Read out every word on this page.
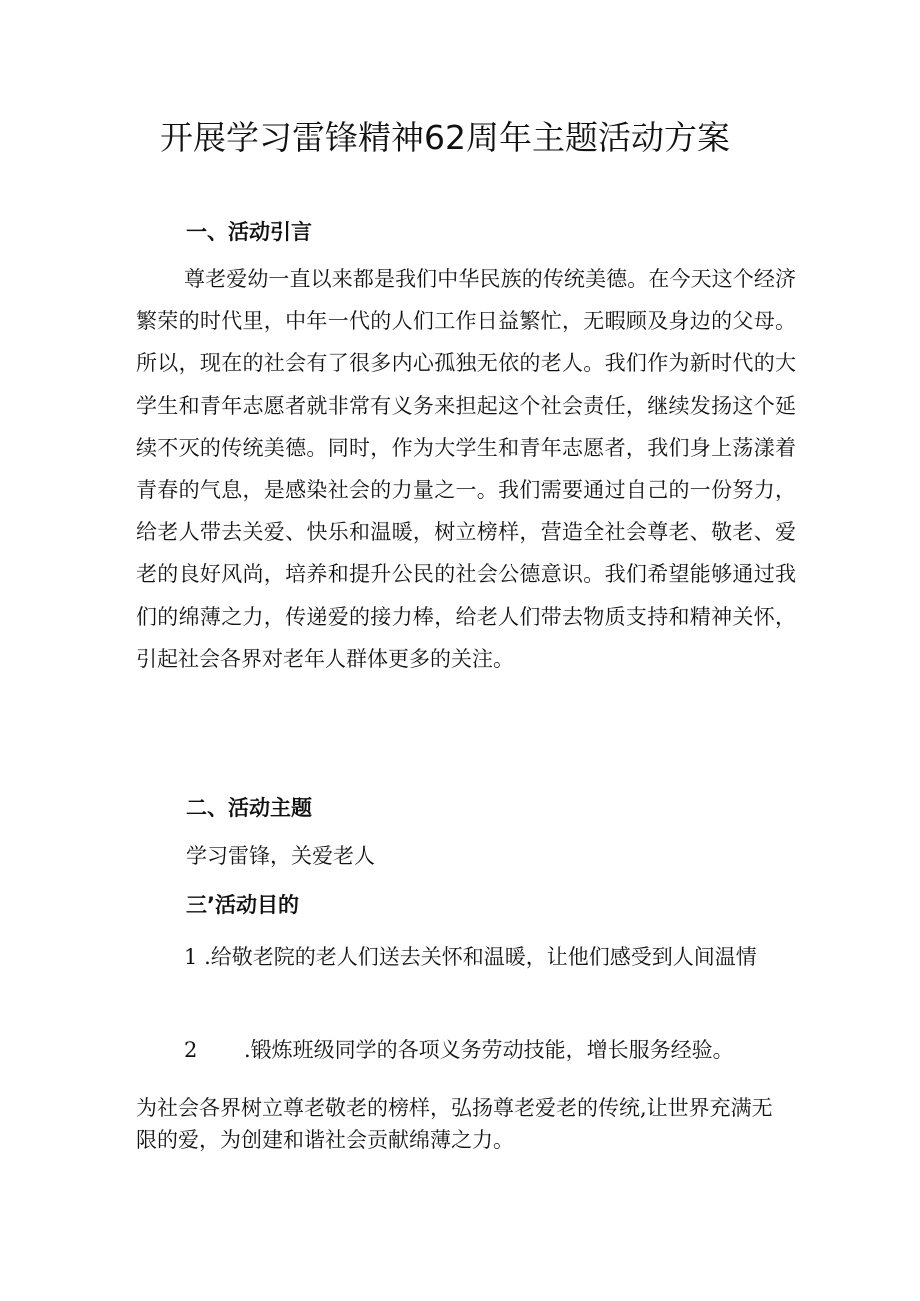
开展学习雷锋精神62周年主题活动方案
一、活动引言

尊老爱幼一直以来都是我们中华民族的传统美德。在今天这个经济繁荣的时代里，中年一代的人们工作日益繁忙，无暇顾及身边的父母。所以，现在的社会有了很多内心孤独无依的老人。我们作为新时代的大学生和青年志愿者就非常有义务来担起这个社会责任，继续发扬这个延续不灭的传统美德。同时，作为大学生和青年志愿者，我们身上荡漾着青春的气息，是感染社会的力量之一。我们需要通过自己的一份努力，给老人带去关爱、快乐和温暖，树立榜样，营造全社会尊老、敬老、爱老的良好风尚，培养和提升公民的社会公德意识。我们希望能够通过我们的绵薄之力，传递爱的接力棒，给老人们带去物质支持和精神关怀，引起社会各界对老年人群体更多的关注。

二、活动主题

学习雷锋，关爱老人

三’活动目的

1 .给敬老院的老人们送去关怀和温暖，让他们感受到人间温情

2 .锻炼班级同学的各项义务劳动技能，增长服务经验。

为社会各界树立尊老敬老的榜样，弘扬尊老爱老的传统,让世界充满无限的爱，为创建和谐社会贡献绵薄之力。
